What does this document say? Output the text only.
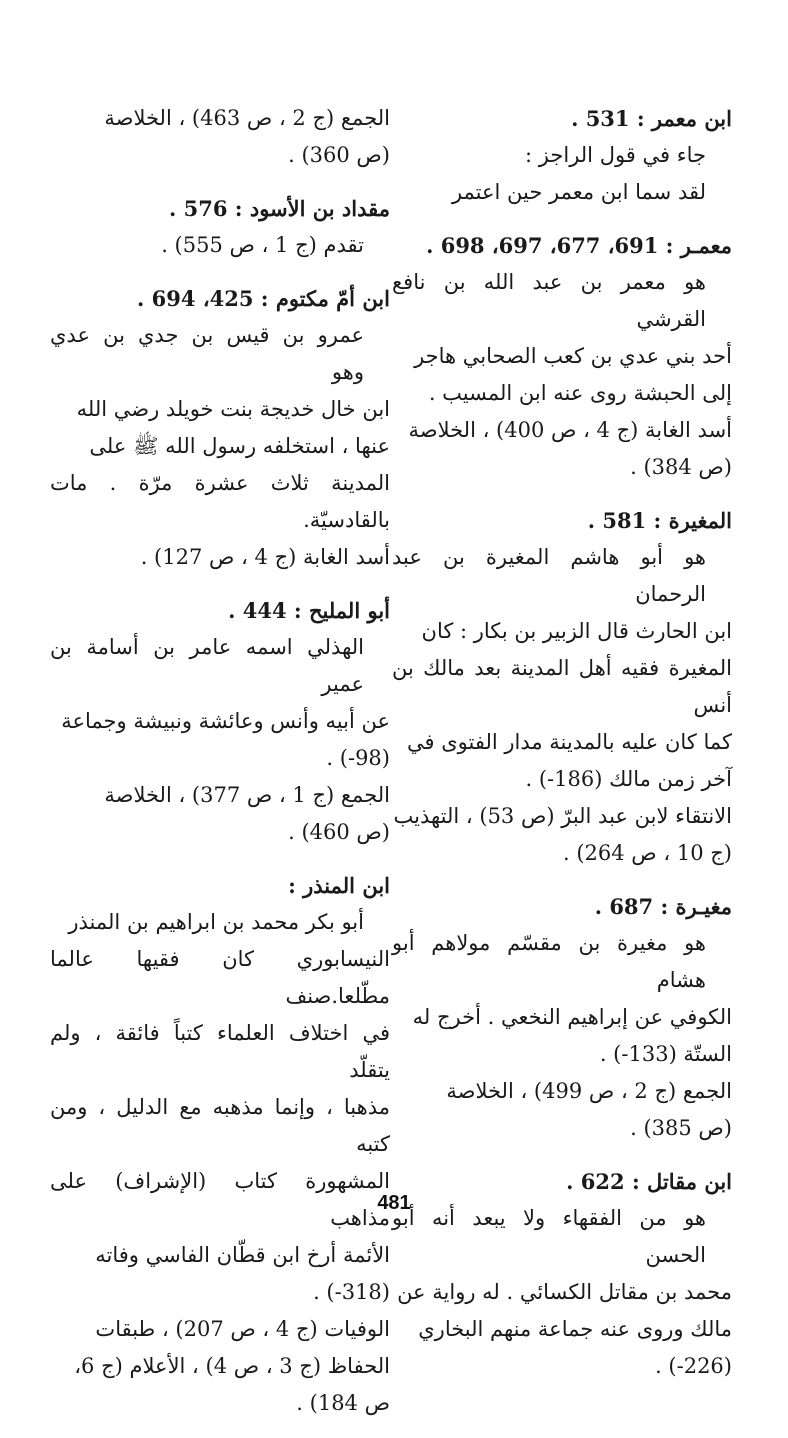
ابن معمر : 531 .

جاء في قول الراجز :

لقد سما ابن معمر حين اعتمر

معمـر : 691، 677، 697، 698 .

هو معمر بن عبد الله بن نافع القرشي

أحد بني عدي بن كعب الصحابي هاجر

إلى الحبشة روى عنه ابن المسيب .

أسد الغابة (ج 4 ، ص 400) ، الخلاصة

(ص 384) .

المغيرة : 581 .

هو أبو هاشم المغيرة بن عبد الرحمان

ابن الحارث قال الزبير بن بكار : كان

المغيرة فقيه أهل المدينة بعد مالك بن أنس

كما كان عليه بالمدينة مدار الفتوى في

آخر زمن مالك (186-) .

الانتقاء لابن عبد البرّ (ص 53) ، التهذيب

(ج 10 ، ص 264) .

مغيـرة : 687 .

هو مغيرة بن مقسّم مولاهم أبو هشام

الكوفي عن إبراهيم النخعي . أخرج له

الستّة (133-) .

الجمع (ج 2 ، ص 499) ، الخلاصة

(ص 385) .

ابن مقاتل : 622 .

هو من الفقهاء ولا يبعد أنه أبو الحسن

محمد بن مقاتل الكسائي . له رواية عن

مالك وروى عنه جماعة منهم البخاري

(226-) .

الجمع (ج 2 ، ص 463) ، الخلاصة

(ص 360) .

مقداد بن الأسود : 576 .

تقدم (ج 1 ، ص 555) .

ابن أمّ مكتوم : 425، 694 .

عمرو بن قيس بن جدي بن عدي وهو

ابن خال خديجة بنت خويلد رضي الله

عنها ، استخلفه رسول الله ﷺ على

المدينة ثلاث عشرة مرّة . مات بالقادسيّة.

أسد الغابة (ج 4 ، ص 127) .

أبو المليح : 444 .

الهذلي اسمه عامر بن أسامة بن عمير

عن أبيه وأنس وعائشة ونبيشة وجماعة

(98-) .

الجمع (ج 1 ، ص 377) ، الخلاصة

(ص 460) .

ابن المنذر :

أبو بكر محمد بن ابراهيم بن المنذر

النيسابوري كان فقيها عالما مطّلعا.صنف

في اختلاف العلماء كتباً فائقة ، ولم يتقلّد

مذهبا ، وإنما مذهبه مع الدليل ، ومن كتبه

المشهورة كتاب (الإشراف) على مذاهب

الأئمة أرخ ابن قطّان الفاسي وفاته

(318-) .

الوفيات (ج 4 ، ص 207) ، طبقات

الحفاظ (ج 3 ، ص 4) ، الأعلام (ج 6،

ص 184) .

481
